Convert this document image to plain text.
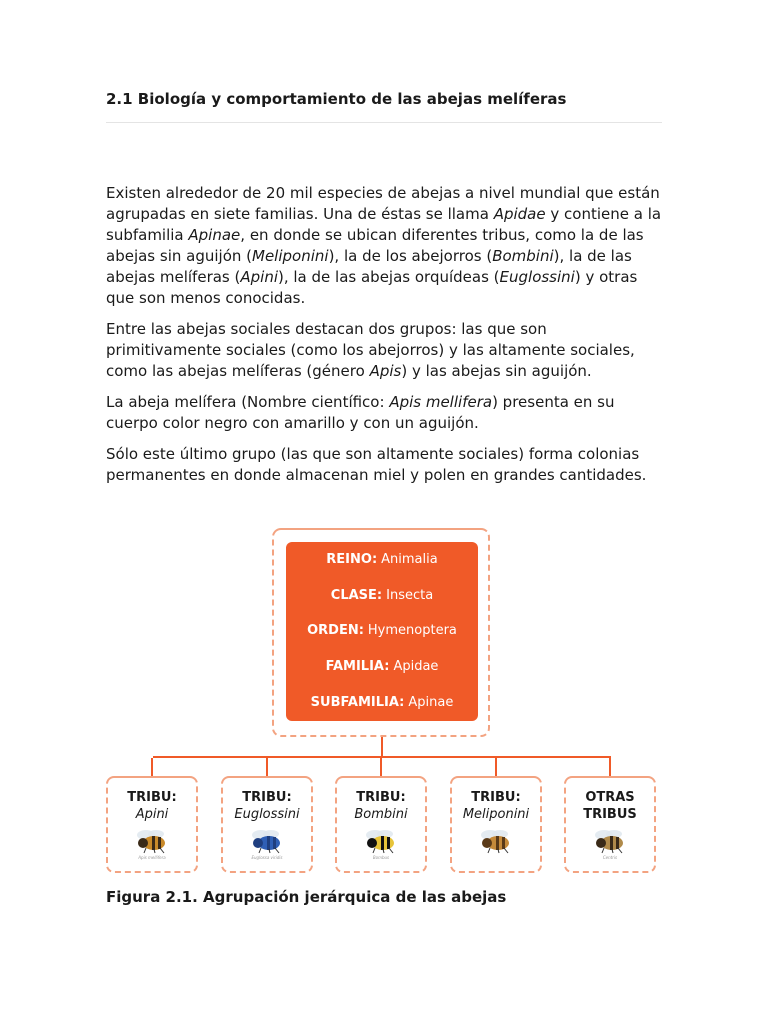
2.1 Biología y comportamiento de las abejas melíferas

Existen alrededor de 20 mil especies de abejas a nivel mundial que están agrupadas en siete familias. Una de éstas se llama Apidae y contiene a la subfamilia Apinae, en donde se ubican diferentes tribus, como la de las abejas sin aguijón (Meliponini), la de los abejorros (Bombini), la de las abejas melíferas (Apini), la de las abejas orquídeas (Euglossini) y otras que son menos conocidas.

Entre las abejas sociales destacan dos grupos: las que son primitivamente sociales (como los abejorros) y las altamente sociales, como las abejas melíferas (género Apis) y las abejas sin aguijón.

La abeja melífera (Nombre científico: Apis mellifera) presenta en su cuerpo color negro con amarillo y con un aguijón.

Sólo este último grupo (las que son altamente sociales) forma colonias permanentes en donde almacenan miel y polen en grandes cantidades.

Figura 2.1. Agrupación jerárquica de las abejas

REINO: Animalia
CLASE: Insecta
ORDEN: Hymenoptera
FAMILIA: Apidae
SUBFAMILIA: Apinae
TRIBU:
Apini
Apis mellifera
TRIBU:
Euglossini
Euglossa viridis
TRIBU:
Bombini
Bombus
TRIBU:
Meliponini
OTRAS
TRIBUS
Centris
